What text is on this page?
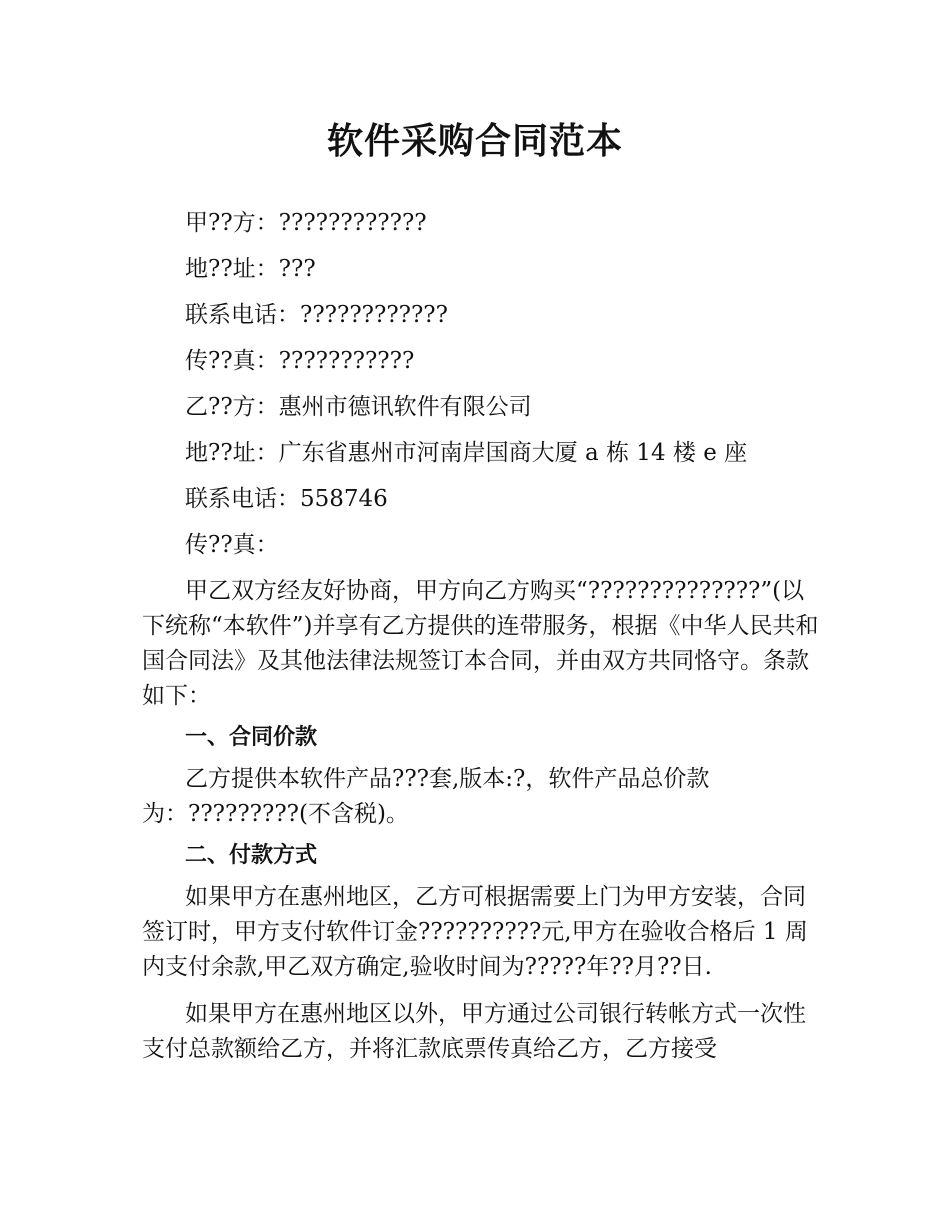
软件采购合同范本
甲??方：????????????
地??址：???
联系电话：????????????
传??真：???????????
乙??方：惠州市德讯软件有限公司
地??址：广东省惠州市河南岸国商大厦 a 栋 14 楼 e 座
联系电话：558746
传??真：

甲乙双方经友好协商，甲方向乙方购买“??????????????”(以下统称“本软件”)并享有乙方提供的连带服务，根据《中华人民共和国合同法》及其他法律法规签订本合同，并由双方共同恪守。条款如下：

一、合同价款

乙方提供本软件产品???套,版本:?，软件产品总价款为：?????????(不含税)。

二、付款方式

如果甲方在惠州地区，乙方可根据需要上门为甲方安装，合同签订时，甲方支付软件订金??????????元,甲方在验收合格后 1 周内支付余款,甲乙双方确定,验收时间为?????年??月??日.

如果甲方在惠州地区以外，甲方通过公司银行转帐方式一次性支付总款额给乙方，并将汇款底票传真给乙方，乙方接受
